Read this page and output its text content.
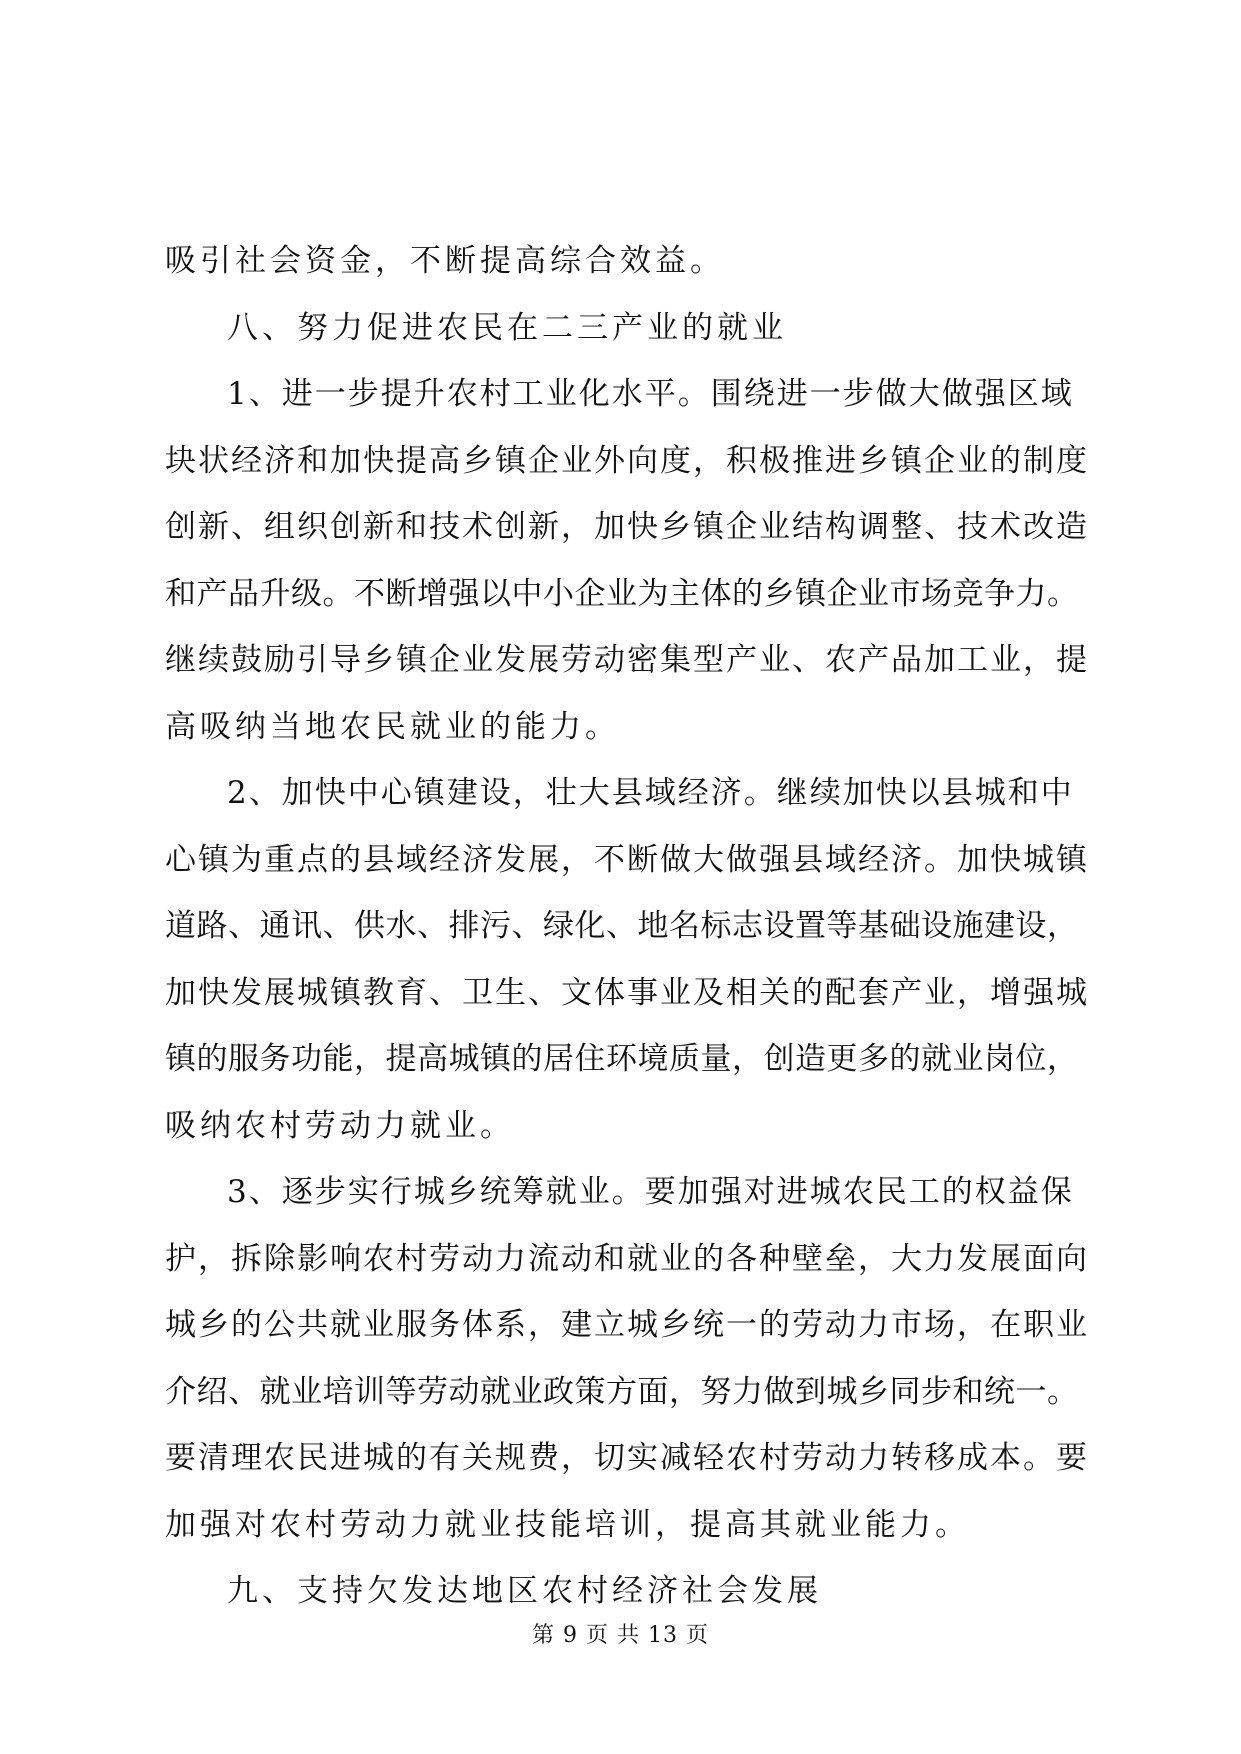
吸引社会资金，不断提高综合效益。
八、努力促进农民在二三产业的就业
1、进一步提升农村工业化水平。围绕进一步做大做强区域
块状经济和加快提高乡镇企业外向度，积极推进乡镇企业的制度
创新、组织创新和技术创新，加快乡镇企业结构调整、技术改造
和产品升级。不断增强以中小企业为主体的乡镇企业市场竞争力。
继续鼓励引导乡镇企业发展劳动密集型产业、农产品加工业，提
高吸纳当地农民就业的能力。
2、加快中心镇建设，壮大县域经济。继续加快以县城和中
心镇为重点的县域经济发展，不断做大做强县域经济。加快城镇
道路、通讯、供水、排污、绿化、地名标志设置等基础设施建设，
加快发展城镇教育、卫生、文体事业及相关的配套产业，增强城
镇的服务功能，提高城镇的居住环境质量，创造更多的就业岗位，
吸纳农村劳动力就业。
3、逐步实行城乡统筹就业。要加强对进城农民工的权益保
护，拆除影响农村劳动力流动和就业的各种壁垒，大力发展面向
城乡的公共就业服务体系，建立城乡统一的劳动力市场，在职业
介绍、就业培训等劳动就业政策方面，努力做到城乡同步和统一。
要清理农民进城的有关规费，切实减轻农村劳动力转移成本。要
加强对农村劳动力就业技能培训，提高其就业能力。
九、支持欠发达地区农村经济社会发展
第 9 页 共 13 页
